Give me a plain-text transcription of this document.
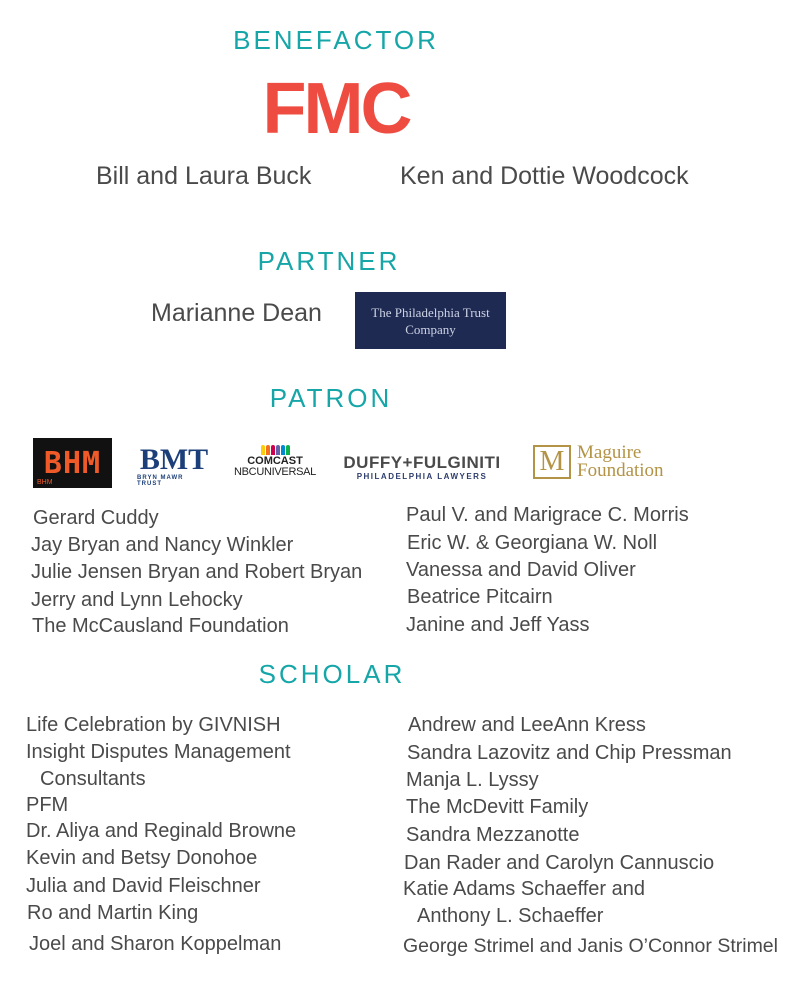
BENEFACTOR
FMC
Bill and Laura Buck	Ken and Dottie Woodcock
PARTNER
Marianne Dean	The Philadelphia Trust
Company
PATRON
BHM
BHM
BMT
BRYN MAWR TRUST
COMCAST
NBCUNIVERSAL DUFFY+FULGINITI
PHILADELPHIA LAWYERS M Maguire
Foundation
Gerard Cuddy
Jay Bryan and Nancy Winkler
Julie Jensen Bryan and Robert Bryan
Jerry and Lynn Lehocky
The McCausland Foundation
Paul V. and Marigrace C. Morris
Eric W. & Georgiana W. Noll
Vanessa and David Oliver
Beatrice Pitcairn
Janine and Jeff Yass
SCHOLAR
Life Celebration by GIVNISH
Insight Disputes Management
Consultants
PFM
Dr. Aliya and Reginald Browne
Kevin and Betsy Donohoe
Julia and David Fleischner
Ro and Martin King
Joel and Sharon Koppelman
Andrew and LeeAnn Kress
Sandra Lazovitz and Chip Pressman
Manja L. Lyssy
The McDevitt Family
Sandra Mezzanotte
Dan Rader and Carolyn Cannuscio
Katie Adams Schaeffer and
Anthony L. Schaeffer
George Strimel and Janis O’Connor Strimel
